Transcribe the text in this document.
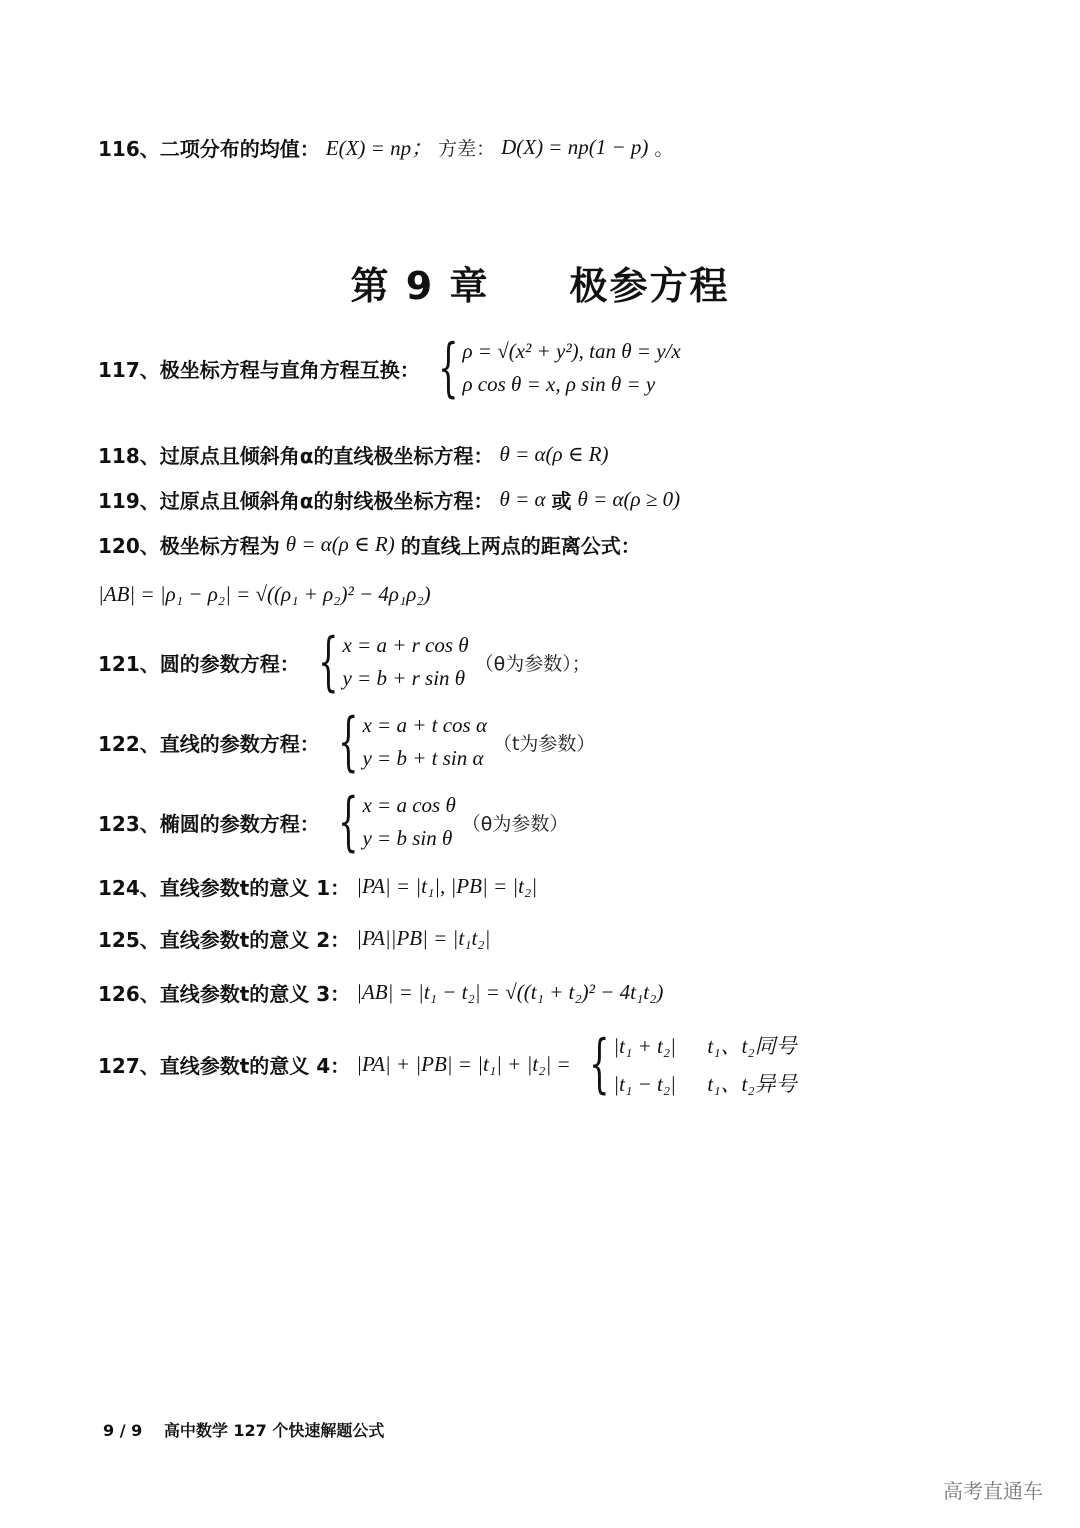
116、二项分布的均值： E(X) = np； 方差： D(X) = np(1 − p) 。
第 9 章　　极参方程
117、极坐标方程与直角方程互换： { ρ = √(x² + y²), tan θ = y/x
ρ cos θ = x, ρ sin θ = y
118、过原点且倾斜角α的直线极坐标方程： θ = α(ρ ∈ R)
119、过原点且倾斜角α的射线极坐标方程： θ = α 或 θ = α(ρ ≥ 0)
120、极坐标方程为 θ = α(ρ ∈ R) 的直线上两点的距离公式：
|AB| = |ρ₁ − ρ₂| = √((ρ₁ + ρ₂)² − 4ρ₁ρ₂)
121、圆的参数方程： { x = a + r cos θ
y = b + r sin θ
（θ为参数）；
122、直线的参数方程： { x = a + t cos α
y = b + t sin α
（t为参数）
123、椭圆的参数方程： { x = a cos θ
y = b sin θ
（θ为参数）
124、直线参数t的意义 1： |PA| = |t₁|, |PB| = |t₂|
125、直线参数t的意义 2： |PA||PB| = |t₁t₂|
126、直线参数t的意义 3： |AB| = |t₁ − t₂| = √((t₁ + t₂)² − 4t₁t₂)
127、直线参数t的意义 4： |PA| + |PB| = |t₁| + |t₂| = { |t₁ + t₂|      t₁、t₂同号
|t₁ − t₂|      t₁、t₂异号
9 / 9 高中数学 127 个快速解题公式
高考直通车
